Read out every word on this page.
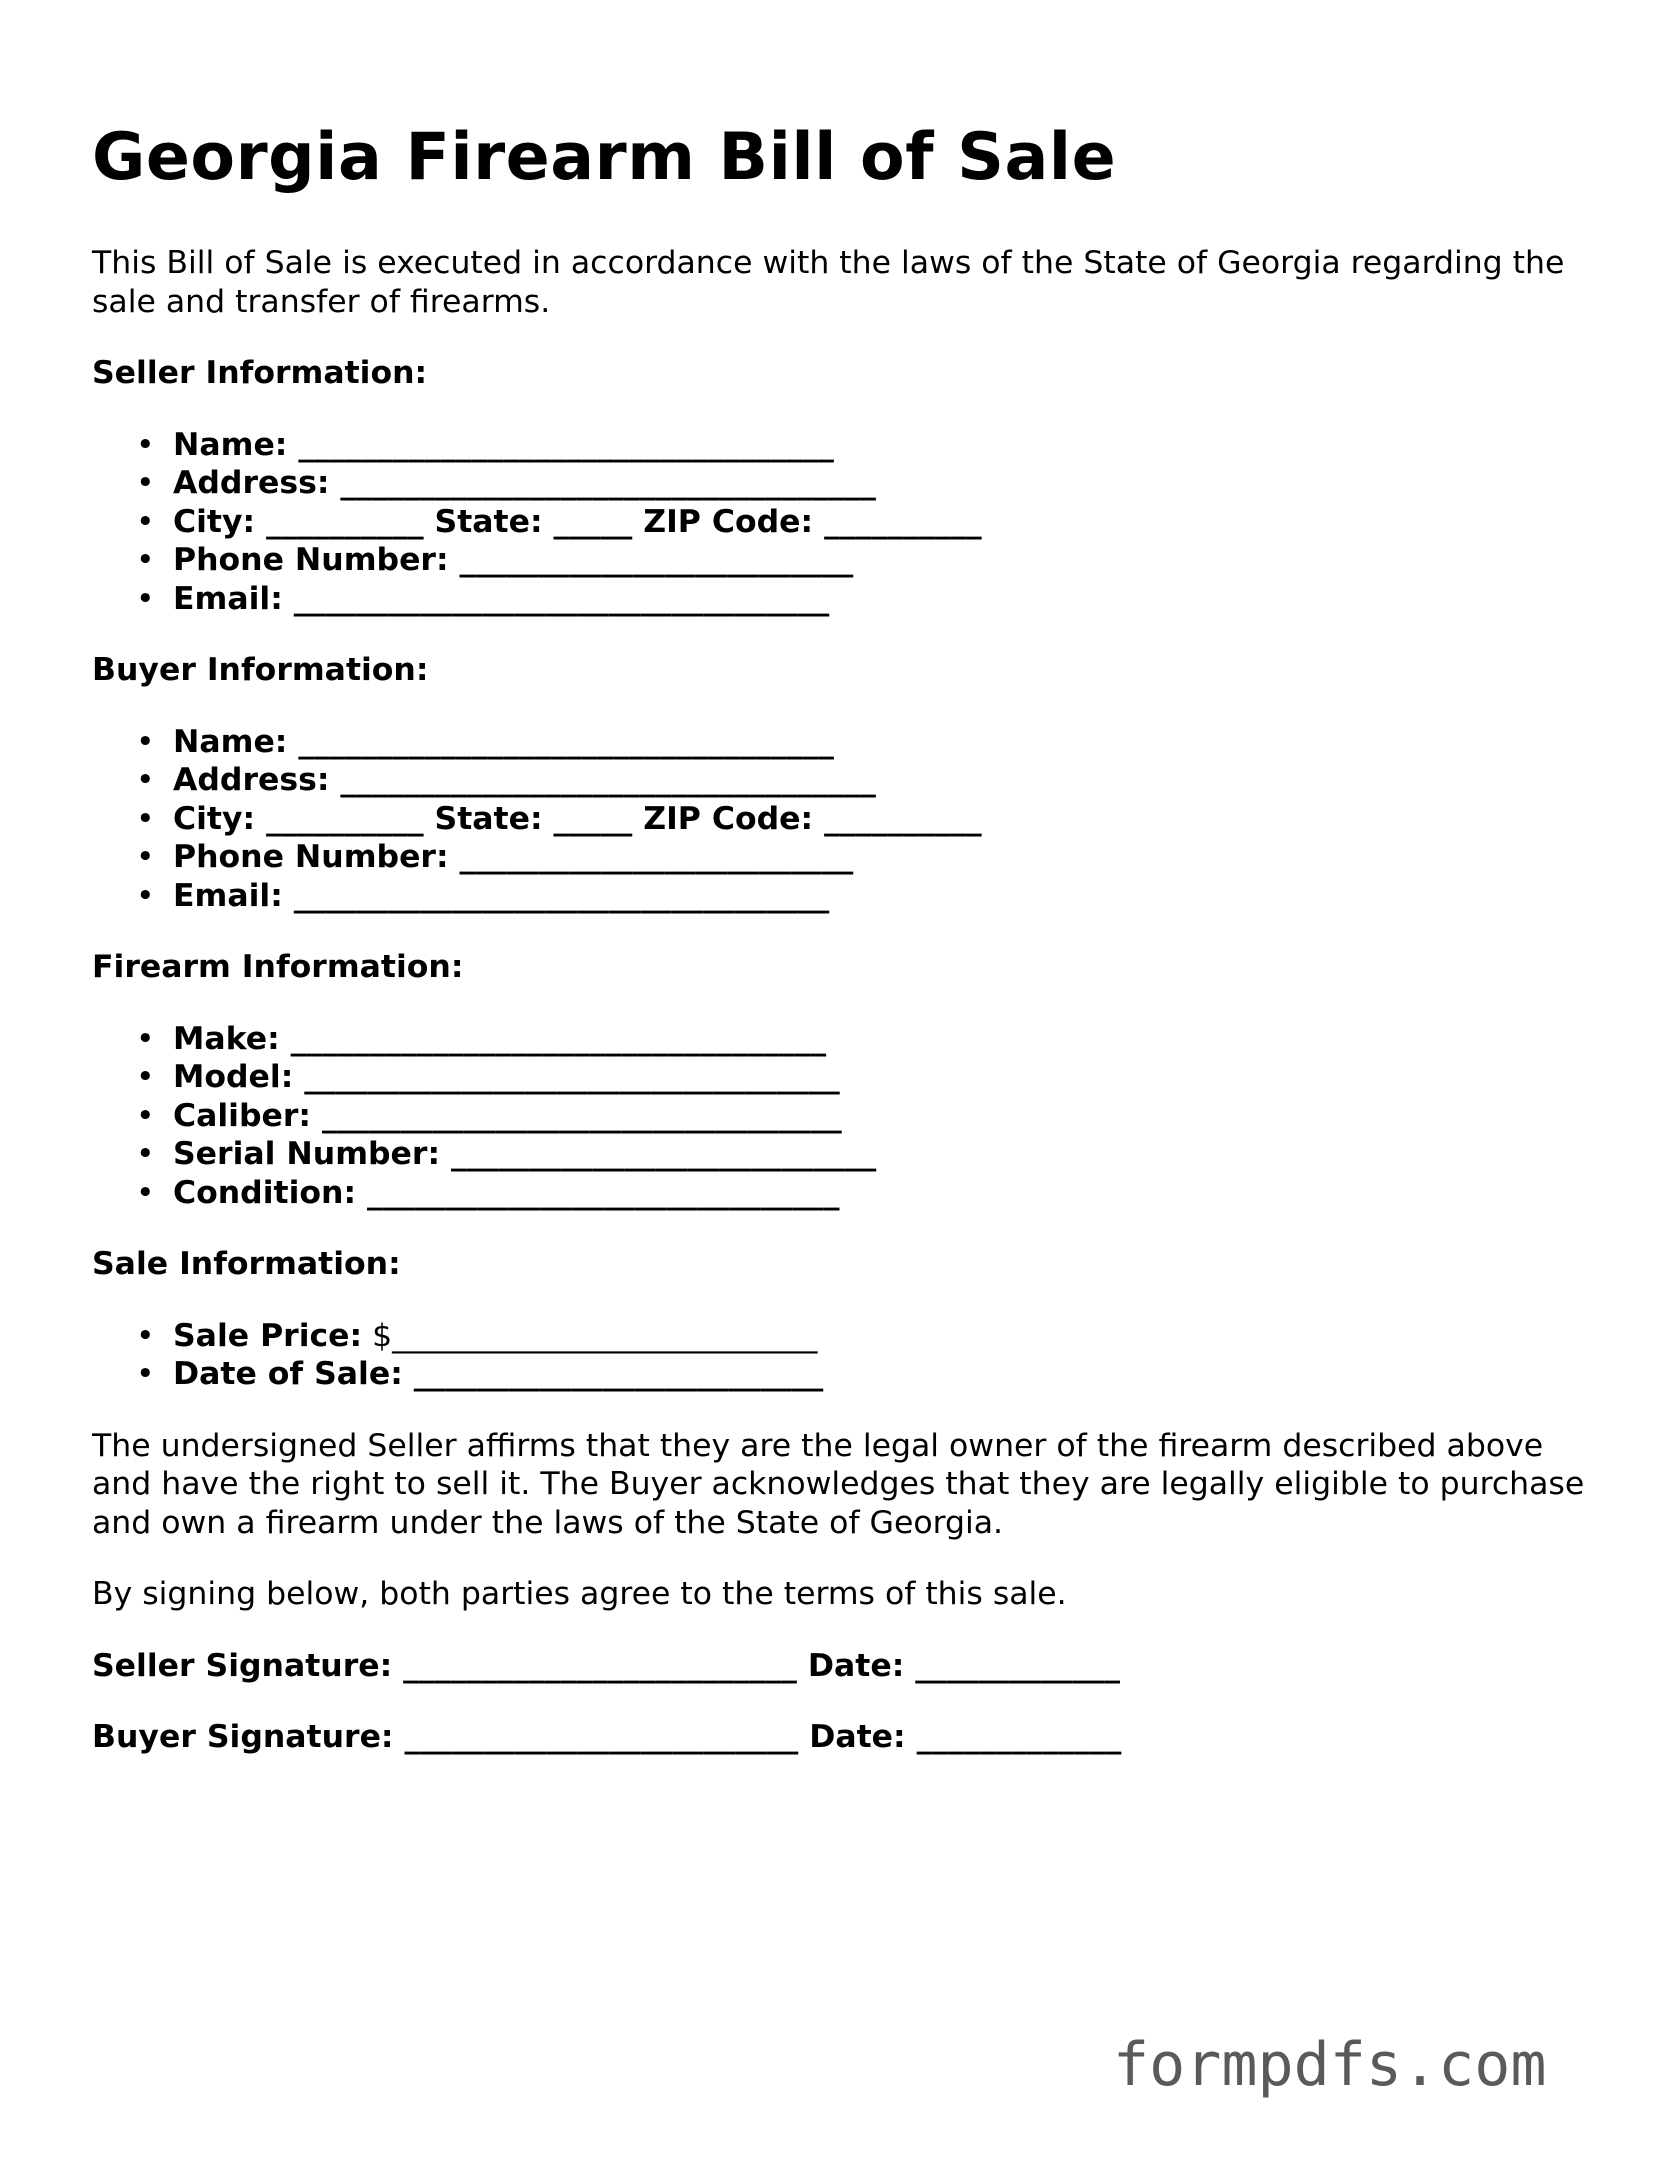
Georgia Firearm Bill of Sale

This Bill of Sale is executed in accordance with the laws of the State of Georgia regarding the sale and transfer of firearms.

Seller Information:
• Name: __________________________________
• Address: __________________________________
• City: __________ State: _____ ZIP Code: __________
• Phone Number: _________________________
• Email: __________________________________
Buyer Information:
• Name: __________________________________
• Address: __________________________________
• City: __________ State: _____ ZIP Code: __________
• Phone Number: _________________________
• Email: __________________________________
Firearm Information:
• Make: __________________________________
• Model: __________________________________
• Caliber: _________________________________
• Serial Number: ___________________________
• Condition: ______________________________
Sale Information:
• Sale Price: $___________________________
• Date of Sale: __________________________

The undersigned Seller affirms that they are the legal owner of the firearm described above and have the right to sell it. The Buyer acknowledges that they are legally eligible to purchase and own a firearm under the laws of the State of Georgia.

By signing below, both parties agree to the terms of this sale.

Seller Signature: _________________________ Date: _____________
Buyer Signature: _________________________ Date: _____________
formpdfs.com
